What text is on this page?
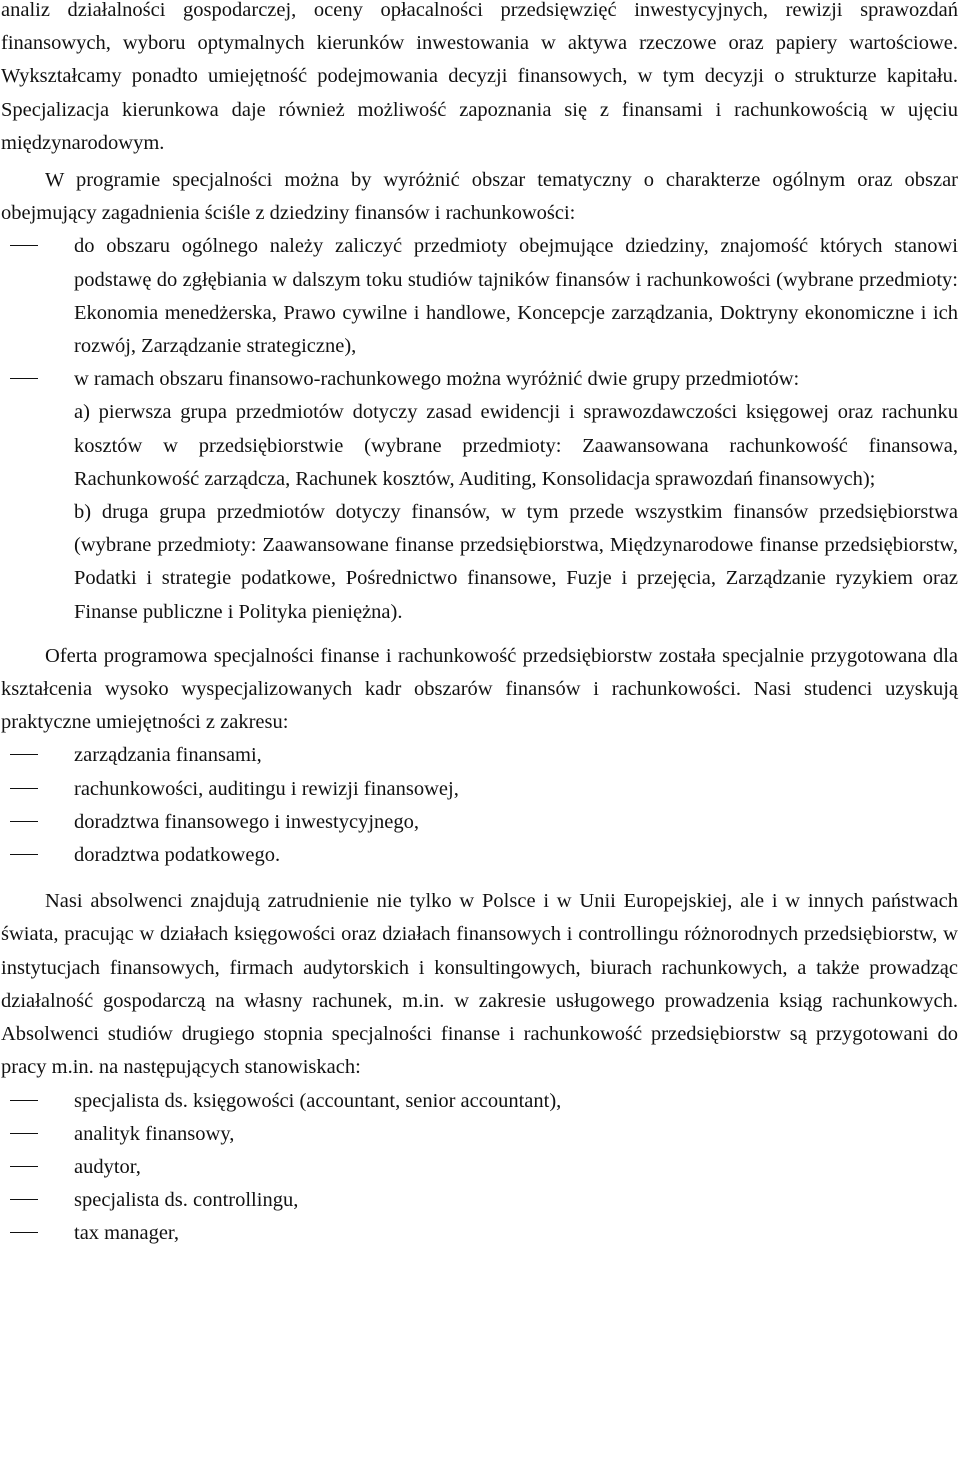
analiz działalności gospodarczej, oceny opłacalności przedsięwzięć inwestycyjnych, rewizji sprawozdań finansowych, wyboru optymalnych kierunków inwestowania w aktywa rzeczowe oraz papiery wartościowe. Wykształcamy ponadto umiejętność podejmowania decyzji finansowych, w tym decyzji o strukturze kapitału. Specjalizacja kierunkowa daje również możliwość zapoznania się z finansami i rachunkowością w ujęciu międzynarodowym.

W programie specjalności można by wyróżnić obszar tematyczny o charakterze ogólnym oraz obszar obejmujący zagadnienia ściśle z dziedziny finansów i rachunkowości:

do obszaru ogólnego należy zaliczyć przedmioty obejmujące dziedziny, znajomość których stanowi podstawę do zgłębiania w dalszym toku studiów tajników finansów i rachunkowości (wybrane przedmioty: Ekonomia menedżerska, Prawo cywilne i handlowe, Koncepcje zarządzania, Doktryny ekonomiczne i ich rozwój, Zarządzanie strategiczne),
w ramach obszaru finansowo-rachunkowego można wyróżnić dwie grupy przedmiotów:
a) pierwsza grupa przedmiotów dotyczy zasad ewidencji i sprawozdawczości księgowej oraz rachunku kosztów w przedsiębiorstwie (wybrane przedmioty: Zaawansowana rachunkowość finansowa, Rachunkowość zarządcza, Rachunek kosztów, Auditing, Konsolidacja sprawozdań finansowych);
b) druga grupa przedmiotów dotyczy finansów, w tym przede wszystkim finansów przedsiębiorstwa (wybrane przedmioty: Zaawansowane finanse przedsiębiorstwa, Międzynarodowe finanse przedsiębiorstw, Podatki i strategie podatkowe, Pośrednictwo finansowe, Fuzje i przejęcia, Zarządzanie ryzykiem oraz Finanse publiczne i Polityka pieniężna).

Oferta programowa specjalności finanse i rachunkowość przedsiębiorstw została specjalnie przygotowana dla kształcenia wysoko wyspecjalizowanych kadr obszarów finansów i rachunkowości. Nasi studenci uzyskują praktyczne umiejętności z zakresu:

zarządzania finansami,
rachunkowości, auditingu i rewizji finansowej,
doradztwa finansowego i inwestycyjnego,
doradztwa podatkowego.

Nasi absolwenci znajdują zatrudnienie nie tylko w Polsce i w Unii Europejskiej, ale i w innych państwach świata, pracując w działach księgowości oraz działach finansowych i controllingu różnorodnych przedsiębiorstw, w instytucjach finansowych, firmach audytorskich i konsultingowych, biurach rachunkowych, a także prowadząc działalność gospodarczą na własny rachunek, m.in. w zakresie usługowego prowadzenia ksiąg rachunkowych. Absolwenci studiów drugiego stopnia specjalności finanse i rachunkowość przedsiębiorstw są przygotowani do pracy m.in. na następujących stanowiskach:

specjalista ds. księgowości (accountant, senior accountant),
analityk finansowy,
audytor,
specjalista ds. controllingu,
tax manager,
